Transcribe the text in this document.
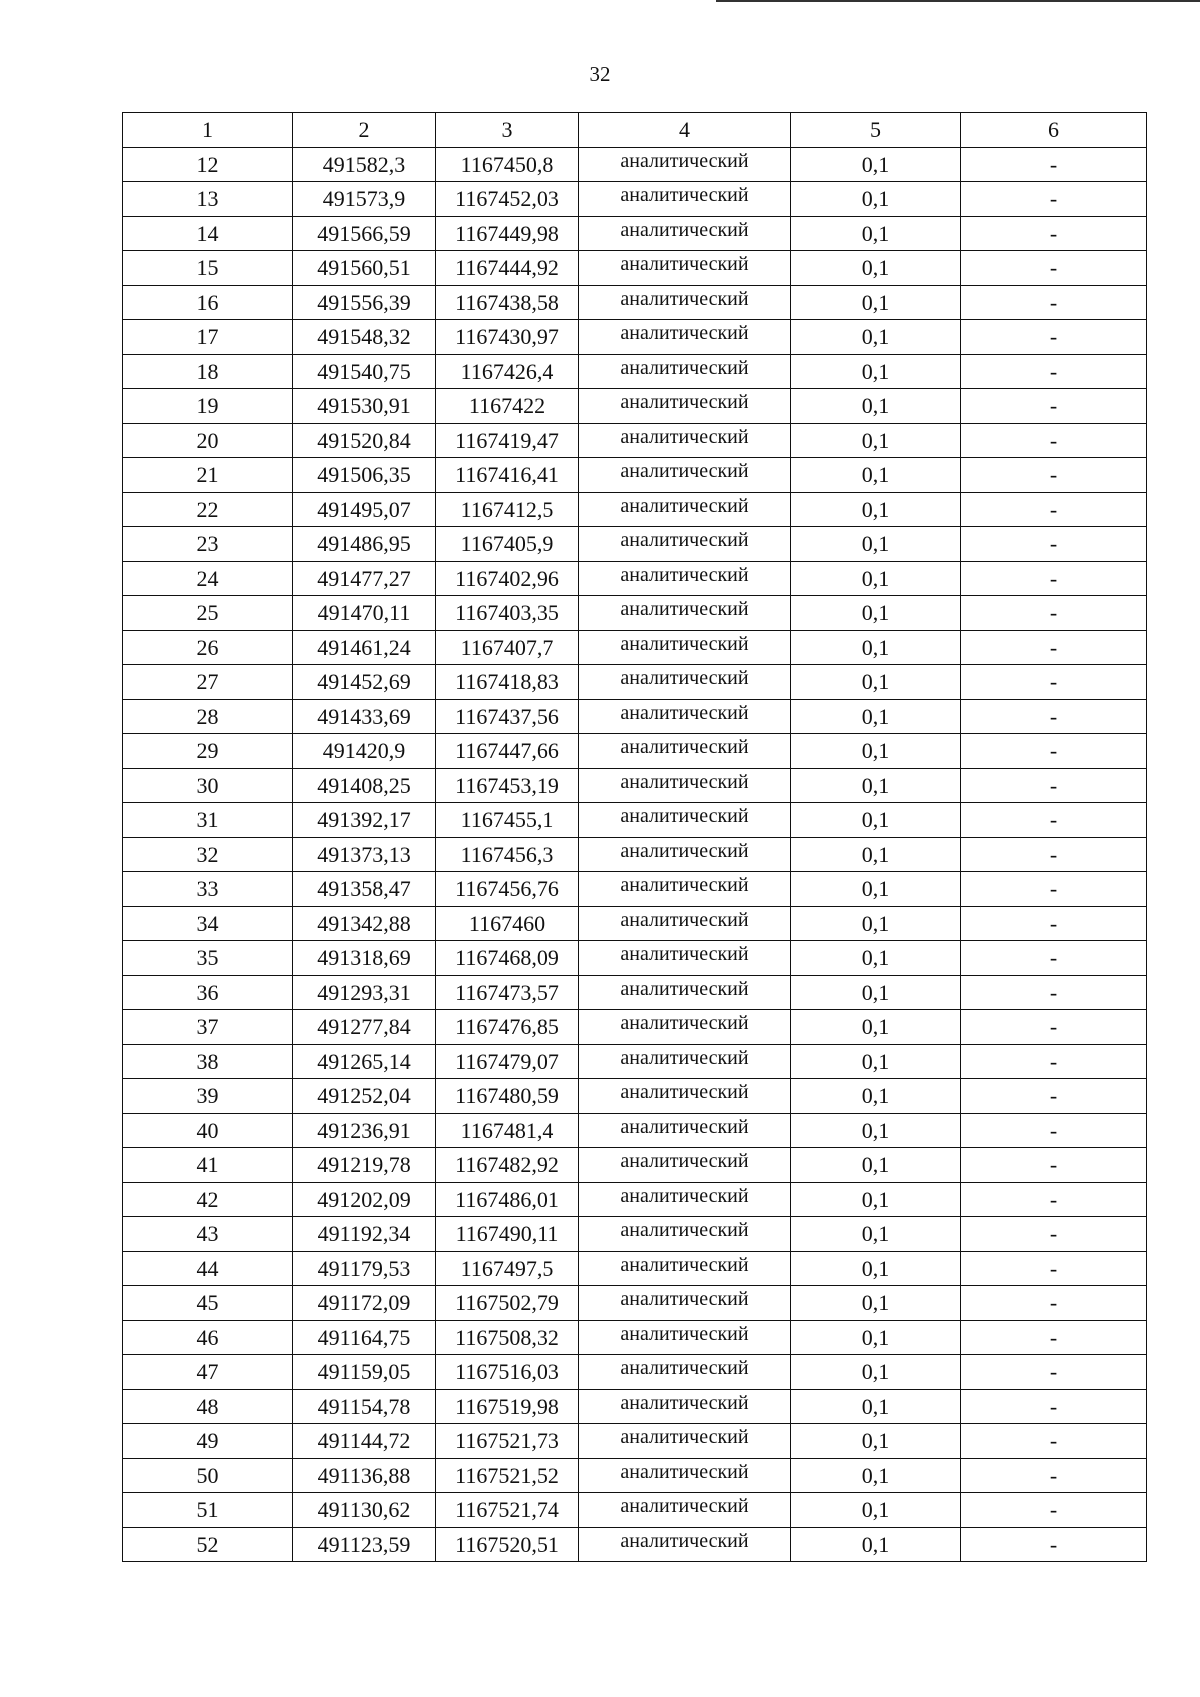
32
1	2	3	4	5	6
12	491582,3	1167450,8	аналитический	0,1	-
13	491573,9	1167452,03	аналитический	0,1	-
14	491566,59	1167449,98	аналитический	0,1	-
15	491560,51	1167444,92	аналитический	0,1	-
16	491556,39	1167438,58	аналитический	0,1	-
17	491548,32	1167430,97	аналитический	0,1	-
18	491540,75	1167426,4	аналитический	0,1	-
19	491530,91	1167422	аналитический	0,1	-
20	491520,84	1167419,47	аналитический	0,1	-
21	491506,35	1167416,41	аналитический	0,1	-
22	491495,07	1167412,5	аналитический	0,1	-
23	491486,95	1167405,9	аналитический	0,1	-
24	491477,27	1167402,96	аналитический	0,1	-
25	491470,11	1167403,35	аналитический	0,1	-
26	491461,24	1167407,7	аналитический	0,1	-
27	491452,69	1167418,83	аналитический	0,1	-
28	491433,69	1167437,56	аналитический	0,1	-
29	491420,9	1167447,66	аналитический	0,1	-
30	491408,25	1167453,19	аналитический	0,1	-
31	491392,17	1167455,1	аналитический	0,1	-
32	491373,13	1167456,3	аналитический	0,1	-
33	491358,47	1167456,76	аналитический	0,1	-
34	491342,88	1167460	аналитический	0,1	-
35	491318,69	1167468,09	аналитический	0,1	-
36	491293,31	1167473,57	аналитический	0,1	-
37	491277,84	1167476,85	аналитический	0,1	-
38	491265,14	1167479,07	аналитический	0,1	-
39	491252,04	1167480,59	аналитический	0,1	-
40	491236,91	1167481,4	аналитический	0,1	-
41	491219,78	1167482,92	аналитический	0,1	-
42	491202,09	1167486,01	аналитический	0,1	-
43	491192,34	1167490,11	аналитический	0,1	-
44	491179,53	1167497,5	аналитический	0,1	-
45	491172,09	1167502,79	аналитический	0,1	-
46	491164,75	1167508,32	аналитический	0,1	-
47	491159,05	1167516,03	аналитический	0,1	-
48	491154,78	1167519,98	аналитический	0,1	-
49	491144,72	1167521,73	аналитический	0,1	-
50	491136,88	1167521,52	аналитический	0,1	-
51	491130,62	1167521,74	аналитический	0,1	-
52	491123,59	1167520,51	аналитический	0,1	-
